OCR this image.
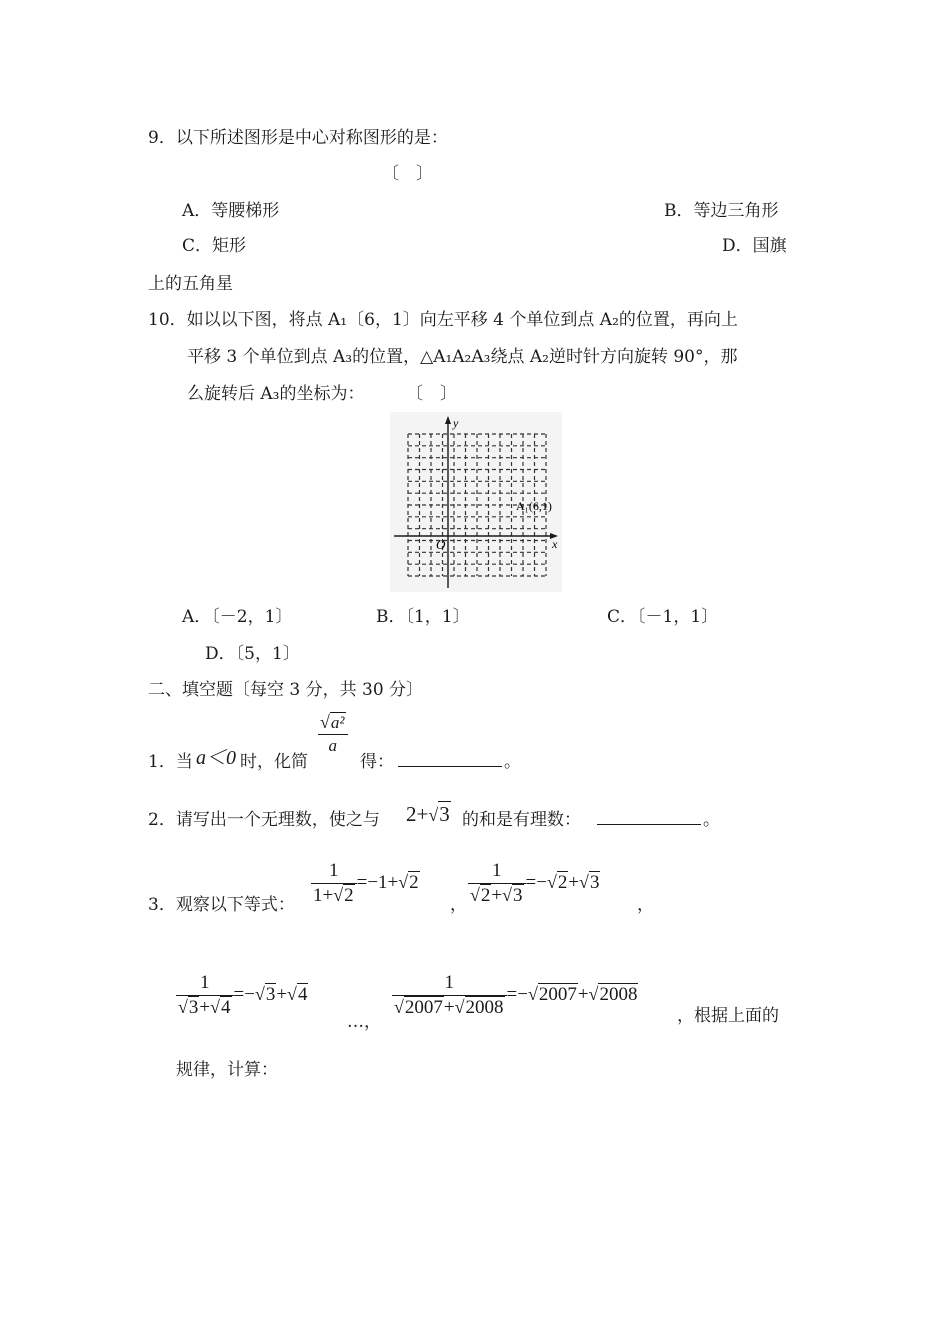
9．以下所述图形是中心对称图形的是：
〔　〕
A．等腰梯形	B．等边三角形
C．矩形	D．国旗
上的五角星
10．如以以下图，将点 A₁〔6，1〕向左平移 4 个单位到点 A₂的位置，再向上
平移 3 个单位到点 A₃的位置，△A₁A₂A₃绕点 A₂逆时针方向旋转 90°，那
么旋转后 A₃的坐标为： 〔　〕
y
x
O
A₁(6,1)
A．〔－2，1〕	B．〔1，1〕	C．〔－1，1〕
D．〔5，1〕
二、填空题〔每空 3 分，共 30 分〕
1．当 a＜0 时，化简
$\frac{\text{√a²}}{a}$
得：	。
2．请写出一个无理数，使之与 2+√3 的和是有理数：	。
3．观察以下等式： $\frac{1}{1+√2} =-1+√2$
， $\frac{1}{√2+√3} =-√2+√3$
，
$\frac{1}{√3+√4} =-√3+√4$
…，
$\frac{1}{√2007+√2008} =-√2007+√2008$
，根据上面的
规律，计算：
